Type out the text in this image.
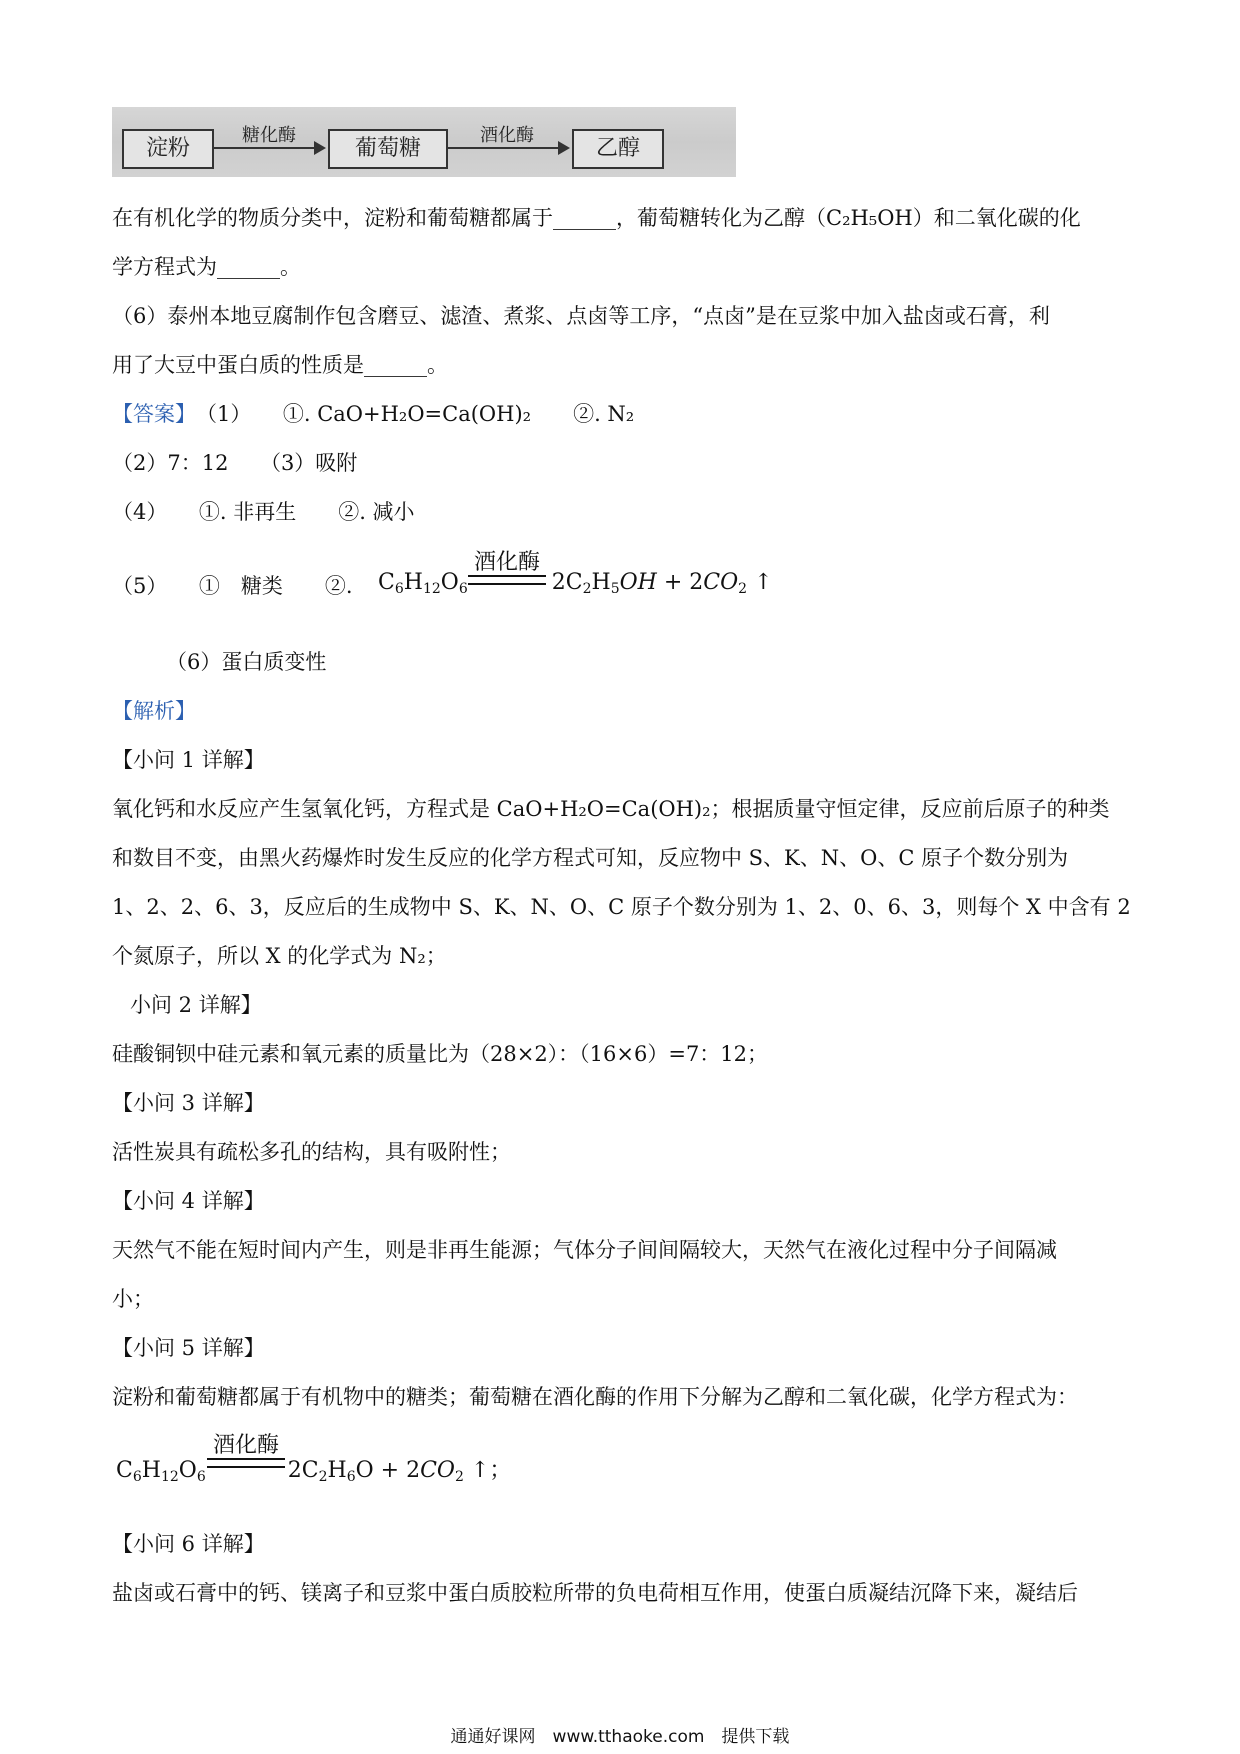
淀粉
糖化酶
葡萄糖
酒化酶
乙醇
在有机化学的物质分类中，淀粉和葡萄糖都属于______，葡萄糖转化为乙醇（C₂H₅OH）和二氧化碳的化
学方程式为______。
（6）泰州本地豆腐制作包含磨豆、滤渣、煮浆、点卤等工序，“点卤”是在豆浆中加入盐卤或石膏，利
用了大豆中蛋白质的性质是______。
【答案】 （1）　　①. CaO+H₂O=Ca(OH)₂　　②. N₂
（2）7：12　　（3）吸附
（4）　　①. 非再生　　②. 减小
（5）　　①　糖类　　②.
酒化酶
$C_6H_{12}O_6$	$2C_2H_5OH + 2CO_2$ ↑
（6）蛋白质变性
【解析】
【小问 1 详解】
氧化钙和水反应产生氢氧化钙，方程式是 CaO+H₂O=Ca(OH)₂；根据质量守恒定律，反应前后原子的种类
和数目不变，由黑火药爆炸时发生反应的化学方程式可知，反应物中 S、K、N、O、C 原子个数分别为
1、2、2、6、3，反应后的生成物中 S、K、N、O、C 原子个数分别为 1、2、0、6、3，则每个 X 中含有 2
个氮原子，所以 X 的化学式为 N₂；
小问 2 详解】
硅酸铜钡中硅元素和氧元素的质量比为（28×2）：（16×6）=7：12；
【小问 3 详解】
活性炭具有疏松多孔的结构，具有吸附性；
【小问 4 详解】
天然气不能在短时间内产生，则是非再生能源；气体分子间间隔较大，天然气在液化过程中分子间隔减
小；
【小问 5 详解】
淀粉和葡萄糖都属于有机物中的糖类；葡萄糖在酒化酶的作用下分解为乙醇和二氧化碳，化学方程式为：
酒化酶
$C_6H_{12}O_6$	$2C_2H_6O + 2CO_2$ ↑；
【小问 6 详解】
盐卤或石膏中的钙、镁离子和豆浆中蛋白质胶粒所带的负电荷相互作用，使蛋白质凝结沉降下来，凝结后
通通好课网　www.tthaoke.com　提供下载
